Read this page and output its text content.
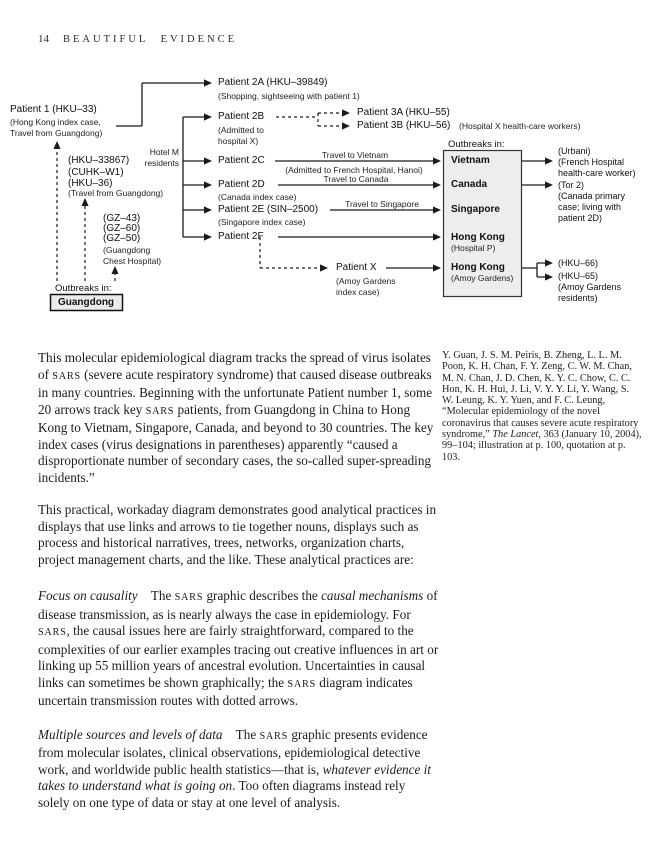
14 BEAUTIFUL EVIDENCE
Patient 1 (HKU–33)
(Hong Kong index case,
Travel from Guangdong)
(HKU–33867)
(CUHK–W1)
(HKU–36)
(Travel from Guangdong)
(GZ–43)
(GZ–60)
(GZ–50)
(Guangdong
Chest Hospital)
Outbreaks in:
Guangdong
Hotel M
residents
Patient 2A (HKU–39849)
(Shopping, sightseeing with patient 1)
Patient 2B
(Admitted to
hospital X)
Patient 3A (HKU–55)
Patient 3B (HKU–56) (Hospital X health-care workers)
Patient 2C	Travel to Vietnam
(Admitted to French Hospital, Hanoi)
Patient 2D
(Canada index case)
Travel to Canada
Patient 2E (SIN–2500)
(Singapore index case)
Travel to Singapore
Patient 2F
Patient X
(Amoy Gardens
index case)
Outbreaks in:
Vietnam
Canada
Singapore
Hong Kong
(Hospital P)
Hong Kong
(Amoy Gardens)
(Urbani)
(French Hospital
health-care worker)
(Tor 2)
(Canada primary
case; living with
patient 2D)
(HKU–66)
(HKU–65)
(Amoy Gardens
residents)

This molecular epidemiological diagram tracks the spread of virus isolates of SARS (severe acute respiratory syndrome) that caused disease outbreaks in many countries. Beginning with the unfortunate Patient number 1, some 20 arrows track key SARS patients, from Guangdong in China to Hong Kong to Vietnam, Singapore, Canada, and beyond to 30 countries. The key index cases (virus designations in parentheses) apparently “caused a disproportionate number of secondary cases, the so-called super-spreading incidents.”

This practical, workaday diagram demonstrates good analytical practices in displays that use links and arrows to tie together nouns, displays such as process and historical narratives, trees, networks, organization charts, project management charts, and the like. These analytical practices are:

Focus on causality The SARS graphic describes the causal mechanisms of disease transmission, as is nearly always the case in epidemiology. For SARS, the causal issues here are fairly straightforward, compared to the complexities of our earlier examples tracing out creative influences in art or linking up 55 million years of ancestral evolution. Uncertainties in causal links can sometimes be shown graphically; the SARS diagram indicates uncertain transmission routes with dotted arrows.

Multiple sources and levels of data The SARS graphic presents evidence from molecular isolates, clinical observations, epidemiological detective work, and worldwide public health statistics—that is, whatever evidence it takes to understand what is going on. Too often diagrams instead rely solely on one type of data or stay at one level of analysis.

Y. Guan, J. S. M. Peiris, B. Zheng, L. L. M. Poon, K. H. Chan, F. Y. Zeng, C. W. M. Chan, M. N. Chan, J. D. Chen, K. Y. C. Chow, C. C. Hon, K. H. Hui, J. Li, V. Y. Y. Li, Y. Wang, S. W. Leung, K. Y. Yuen, and F. C. Leung, “Molecular epidemiology of the novel coronavirus that causes severe acute respiratory syndrome,” The Lancet, 363 (January 10, 2004), 99–104; illustration at p. 100, quotation at p. 103.
